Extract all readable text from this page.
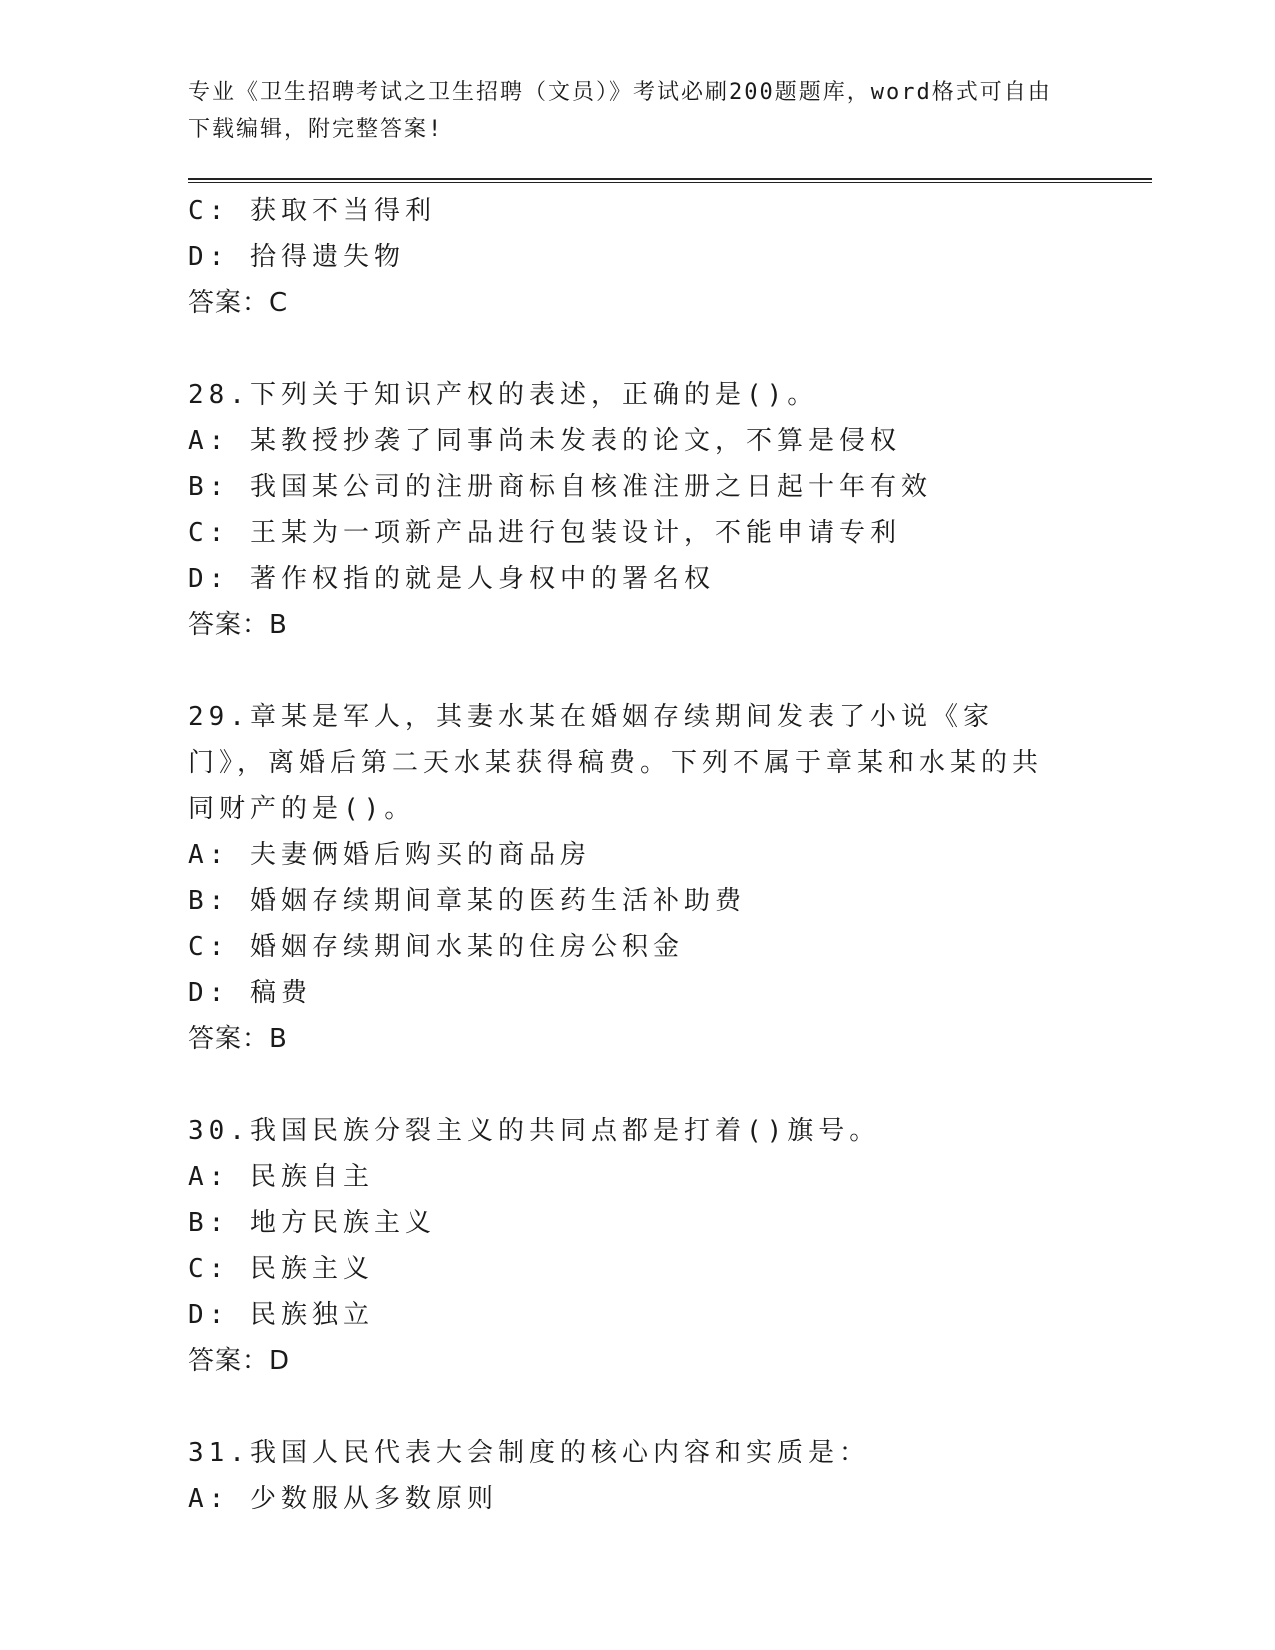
专业《卫生招聘考试之卫生招聘（文员）》考试必刷200题题库，word格式可自由下载编辑，附完整答案!
C: 获取不当得利
D: 拾得遗失物
答案：C
28.下列关于知识产权的表述，正确的是()。
A: 某教授抄袭了同事尚未发表的论文，不算是侵权
B: 我国某公司的注册商标自核准注册之日起十年有效
C: 王某为一项新产品进行包装设计，不能申请专利
D: 著作权指的就是人身权中的署名权
答案：B
29.章某是军人，其妻水某在婚姻存续期间发表了小说《家门》，离婚后第二天水某获得稿费。下列不属于章某和水某的共同财产的是()。
A: 夫妻俩婚后购买的商品房
B: 婚姻存续期间章某的医药生活补助费
C: 婚姻存续期间水某的住房公积金
D: 稿费
答案：B
30.我国民族分裂主义的共同点都是打着()旗号。
A: 民族自主
B: 地方民族主义
C: 民族主义
D: 民族独立
答案：D
31.我国人民代表大会制度的核心内容和实质是：
A: 少数服从多数原则
